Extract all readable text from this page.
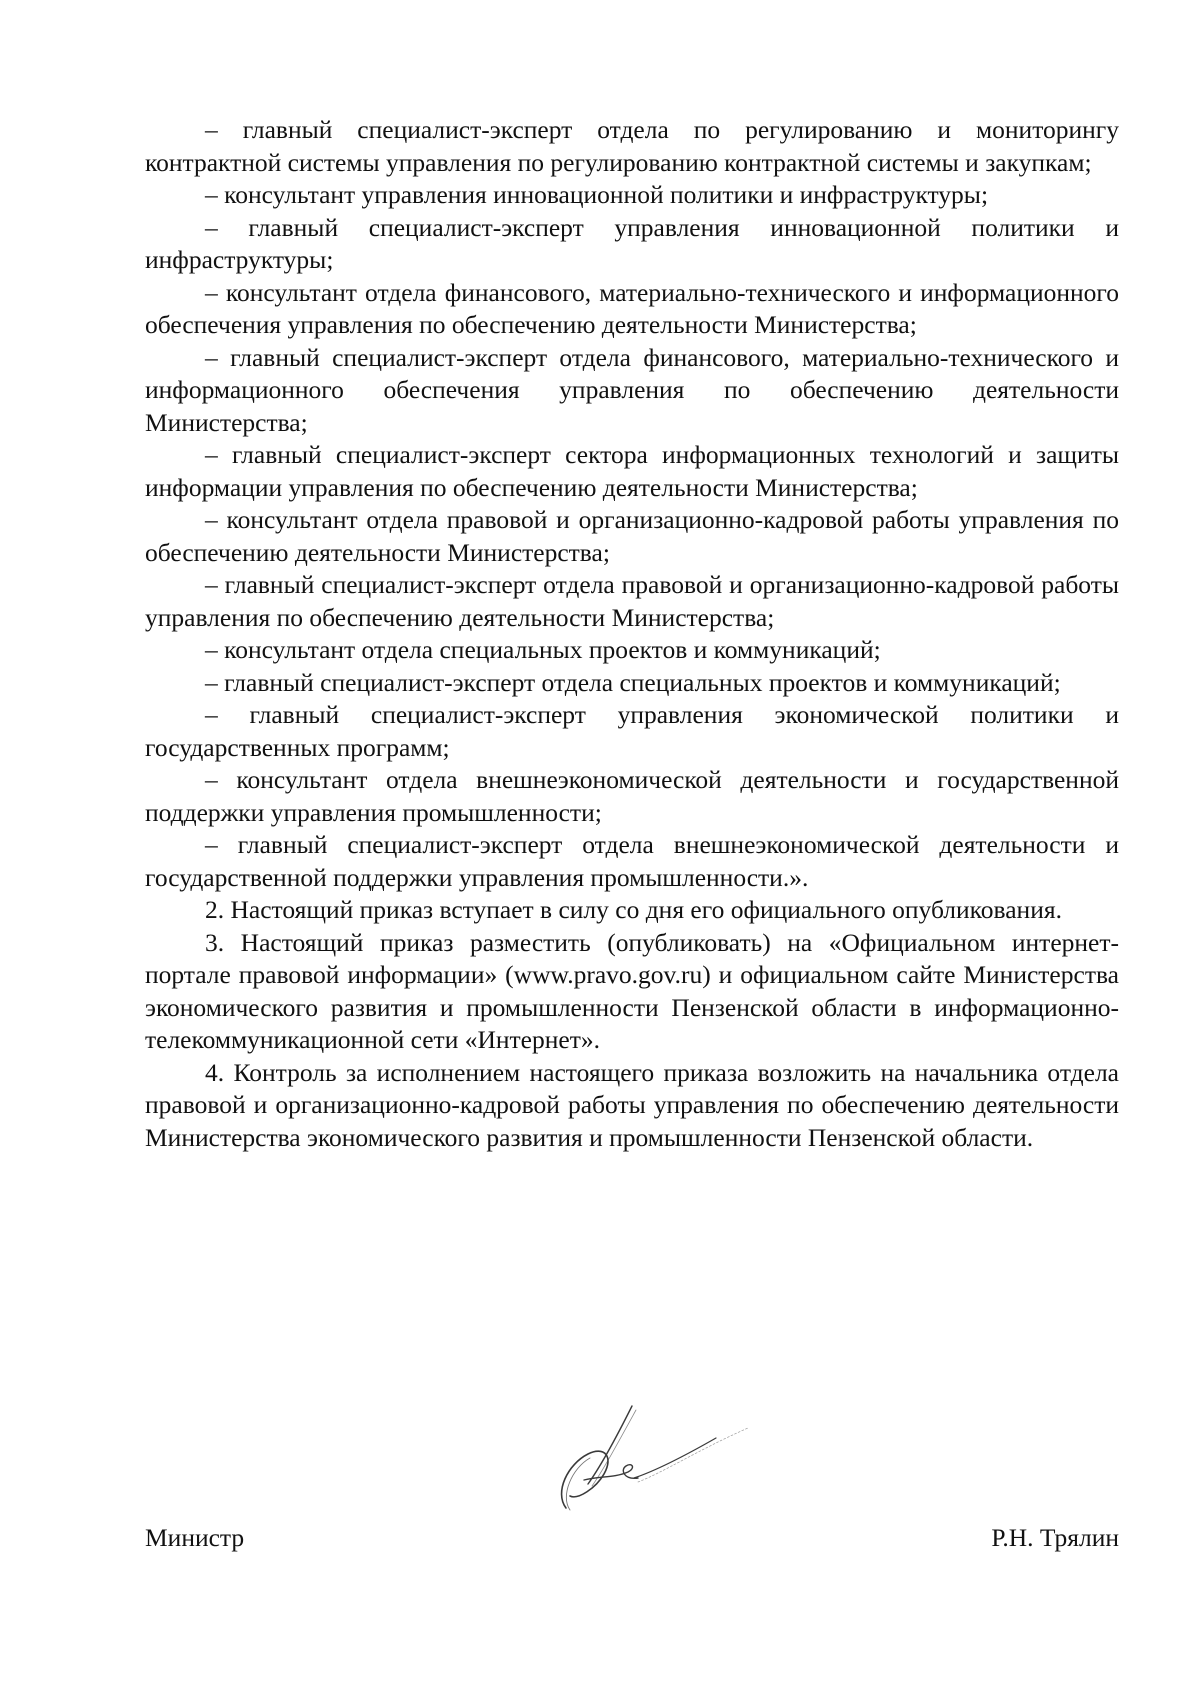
– главный специалист-эксперт отдела по регулированию и мониторингу контрактной системы управления по регулированию контрактной системы и закупкам;

– консультант управления инновационной политики и инфраструктуры;

– главный специалист-эксперт управления инновационной политики и инфраструктуры;

– консультант отдела финансового, материально-технического и информационного обеспечения управления по обеспечению деятельности Министерства;

– главный специалист-эксперт отдела финансового, материально-технического и информационного обеспечения управления по обеспечению деятельности Министерства;

– главный специалист-эксперт сектора информационных технологий и защиты информации управления по обеспечению деятельности Министерства;

– консультант отдела правовой и организационно-кадровой работы управления по обеспечению деятельности Министерства;

– главный специалист-эксперт отдела правовой и организационно-кадровой работы управления по обеспечению деятельности Министерства;

– консультант отдела специальных проектов и коммуникаций;

– главный специалист-эксперт отдела специальных проектов и коммуникаций;

– главный специалист-эксперт управления экономической политики и государственных программ;

– консультант отдела внешнеэкономической деятельности и государственной поддержки управления промышленности;

– главный специалист-эксперт отдела внешнеэкономической деятельности и государственной поддержки управления промышленности.».

2. Настоящий приказ вступает в силу со дня его официального опубликования.

3. Настоящий приказ разместить (опубликовать) на «Официальном интернет-портале правовой информации» (www.pravo.gov.ru) и официальном сайте Министерства экономического развития и промышленности Пензенской области в информационно-телекоммуникационной сети «Интернет».

4. Контроль за исполнением настоящего приказа возложить на начальника отдела правовой и организационно-кадровой работы управления по обеспечению деятельности Министерства экономического развития и промышленности Пензенской области.

Министр	Р.Н. Трялин
